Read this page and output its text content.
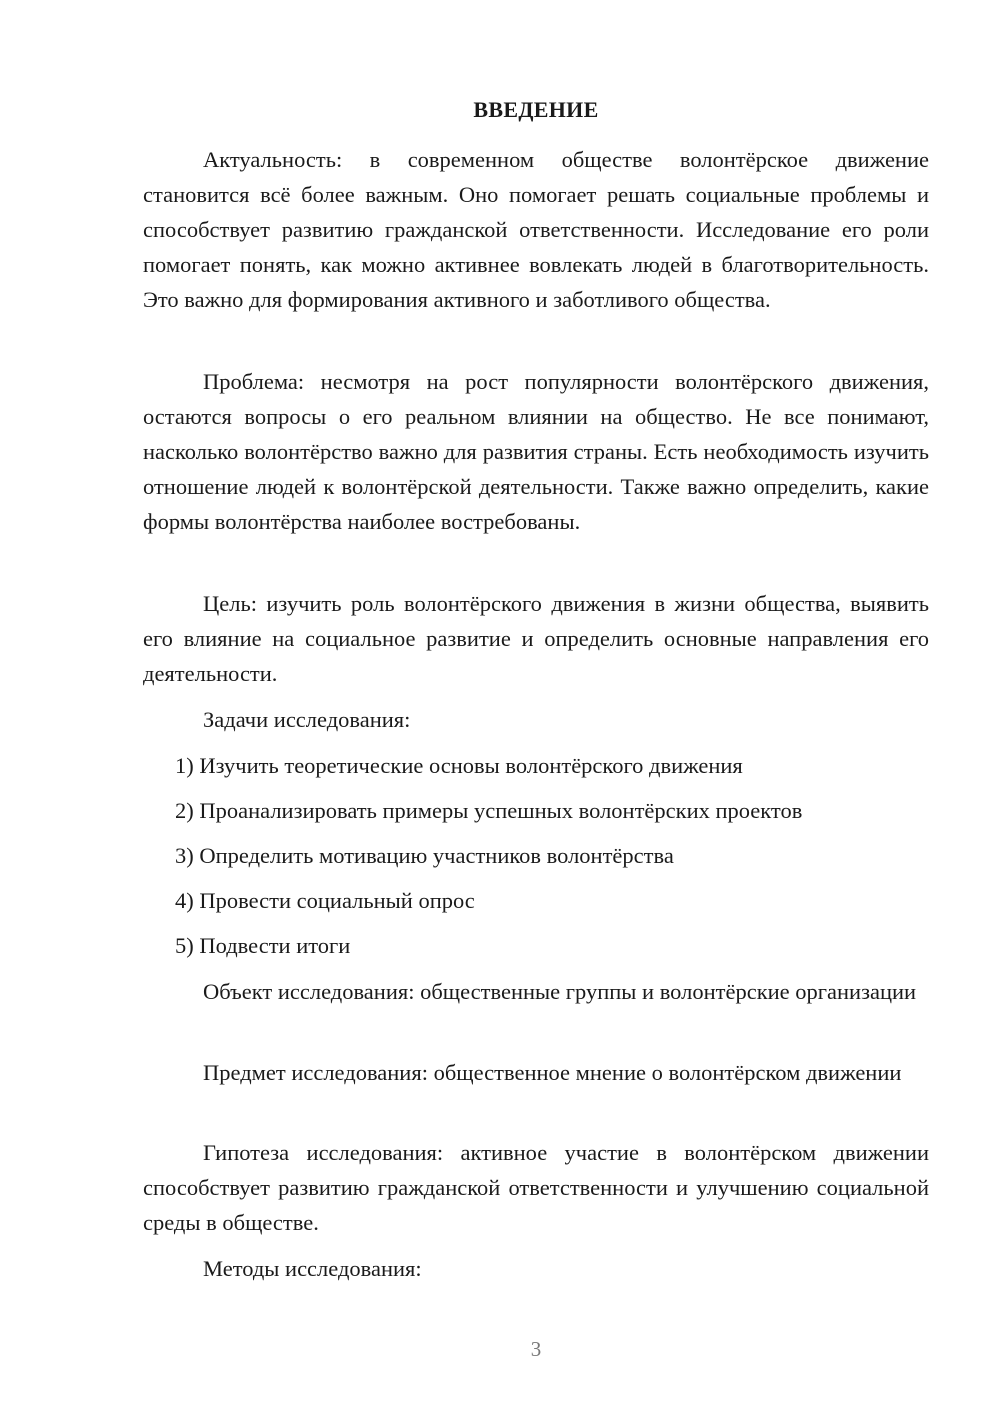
ВВЕДЕНИЕ

Актуальность: в современном обществе волонтёрское движение становится всё более важным. Оно помогает решать социальные проблемы и способствует развитию гражданской ответственности. Исследование его роли помогает понять, как можно активнее вовлекать людей в благотворительность. Это важно для формирования активного и заботливого общества.

Проблема: несмотря на рост популярности волонтёрского движения, остаются вопросы о его реальном влиянии на общество. Не все понимают, насколько волонтёрство важно для развития страны. Есть необходимость изучить отношение людей к волонтёрской деятельности. Также важно определить, какие формы волонтёрства наиболее востребованы.

Цель: изучить роль волонтёрского движения в жизни общества, выявить его влияние на социальное развитие и определить основные направления его деятельности.

Задачи исследования:

1) Изучить теоретические основы волонтёрского движения
2) Проанализировать примеры успешных волонтёрских проектов
3) Определить мотивацию участников волонтёрства
4) Провести социальный опрос
5) Подвести итоги

Объект исследования: общественные группы и волонтёрские организации

Предмет исследования: общественное мнение о волонтёрском движении

Гипотеза исследования: активное участие в волонтёрском движении способствует развитию гражданской ответственности и улучшению социальной среды в обществе.

Методы исследования:

3
